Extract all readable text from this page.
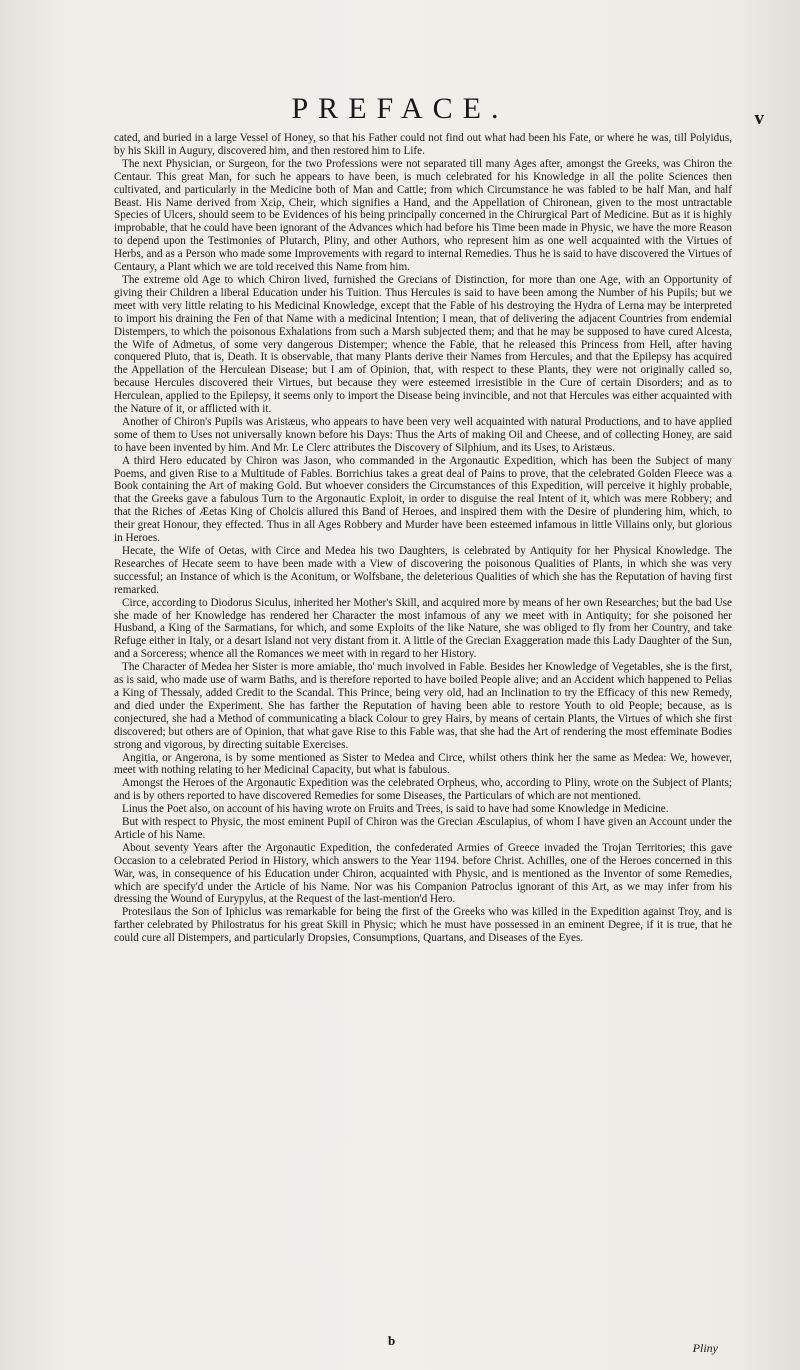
PREFACE.	v

cated, and buried in a large Vessel of Honey, so that his Father could not find out what had been his Fate, or where he was, till Polyidus, by his Skill in Augury, discovered him, and then restored him to Life.

The next Physician, or Surgeon, for the two Professions were not separated till many Ages after, amongst the Greeks, was Chiron the Centaur. This great Man, for such he appears to have been, is much celebrated for his Knowledge in all the polite Sciences then cultivated, and particularly in the Medicine both of Man and Cattle; from which Circumstance he was fabled to be half Man, and half Beast. His Name derived from Χεὶρ, Cheir, which signifies a Hand, and the Appellation of Chironean, given to the most untractable Species of Ulcers, should seem to be Evidences of his being principally concerned in the Chirurgical Part of Medicine. But as it is highly improbable, that he could have been ignorant of the Advances which had before his Time been made in Physic, we have the more Reason to depend upon the Testimonies of Plutarch, Pliny, and other Authors, who represent him as one well acquainted with the Virtues of Herbs, and as a Person who made some Improvements with regard to internal Remedies. Thus he is said to have discovered the Virtues of Centaury, a Plant which we are told received this Name from him.

The extreme old Age to which Chiron lived, furnished the Grecians of Distinction, for more than one Age, with an Opportunity of giving their Children a liberal Education under his Tuition. Thus Hercules is said to have been among the Number of his Pupils; but we meet with very little relating to his Medicinal Knowledge, except that the Fable of his destroying the Hydra of Lerna may be interpreted to import his draining the Fen of that Name with a medicinal Intention; I mean, that of delivering the adjacent Countries from endemial Distempers, to which the poisonous Exhalations from such a Marsh subjected them; and that he may be supposed to have cured Alcesta, the Wife of Admetus, of some very dangerous Distemper; whence the Fable, that he released this Princess from Hell, after having conquered Pluto, that is, Death. It is observable, that many Plants derive their Names from Hercules, and that the Epilepsy has acquired the Appellation of the Herculean Disease; but I am of Opinion, that, with respect to these Plants, they were not originally called so, because Hercules discovered their Virtues, but because they were esteemed irresistible in the Cure of certain Disorders; and as to Herculean, applied to the Epilepsy, it seems only to import the Disease being invincible, and not that Hercules was either acquainted with the Nature of it, or afflicted with it.

Another of Chiron's Pupils was Aristæus, who appears to have been very well acquainted with natural Productions, and to have applied some of them to Uses not universally known before his Days: Thus the Arts of making Oil and Cheese, and of collecting Honey, are said to have been invented by him. And Mr. Le Clerc attributes the Discovery of Silphium, and its Uses, to Aristæus.

A third Hero educated by Chiron was Jason, who commanded in the Argonautic Expedition, which has been the Subject of many Poems, and given Rise to a Multitude of Fables. Borrichius takes a great deal of Pains to prove, that the celebrated Golden Fleece was a Book containing the Art of making Gold. But whoever considers the Circumstances of this Expedition, will perceive it highly probable, that the Greeks gave a fabulous Turn to the Argonautic Exploit, in order to disguise the real Intent of it, which was mere Robbery; and that the Riches of Æetas King of Cholcis allured this Band of Heroes, and inspired them with the Desire of plundering him, which, to their great Honour, they effected. Thus in all Ages Robbery and Murder have been esteemed infamous in little Villains only, but glorious in Heroes.

Hecate, the Wife of Oetas, with Circe and Medea his two Daughters, is celebrated by Antiquity for her Physical Knowledge. The Researches of Hecate seem to have been made with a View of discovering the poisonous Qualities of Plants, in which she was very successful; an Instance of which is the Aconitum, or Wolfsbane, the deleterious Qualities of which she has the Reputation of having first remarked.

Circe, according to Diodorus Siculus, inherited her Mother's Skill, and acquired more by means of her own Researches; but the bad Use she made of her Knowledge has rendered her Character the most infamous of any we meet with in Antiquity; for she poisoned her Husband, a King of the Sarmatians, for which, and some Exploits of the like Nature, she was obliged to fly from her Country, and take Refuge either in Italy, or a desart Island not very distant from it. A little of the Grecian Exaggeration made this Lady Daughter of the Sun, and a Sorceress; whence all the Romances we meet with in regard to her History.

The Character of Medea her Sister is more amiable, tho' much involved in Fable. Besides her Knowledge of Vegetables, she is the first, as is said, who made use of warm Baths, and is therefore reported to have boiled People alive; and an Accident which happened to Pelias a King of Thessaly, added Credit to the Scandal. This Prince, being very old, had an Inclination to try the Efficacy of this new Remedy, and died under the Experiment. She has farther the Reputation of having been able to restore Youth to old People; because, as is conjectured, she had a Method of communicating a black Colour to grey Hairs, by means of certain Plants, the Virtues of which she first discovered; but others are of Opinion, that what gave Rise to this Fable was, that she had the Art of rendering the most effeminate Bodies strong and vigorous, by directing suitable Exercises.

Angitia, or Angerona, is by some mentioned as Sister to Medea and Circe, whilst others think her the same as Medea: We, however, meet with nothing relating to her Medicinal Capacity, but what is fabulous.

Amongst the Heroes of the Argonautic Expedition was the celebrated Orpheus, who, according to Pliny, wrote on the Subject of Plants; and is by others reported to have discovered Remedies for some Diseases, the Particulars of which are not mentioned.

Linus the Poet also, on account of his having wrote on Fruits and Trees, is said to have had some Knowledge in Medicine.

But with respect to Physic, the most eminent Pupil of Chiron was the Grecian Æsculapius, of whom I have given an Account under the Article of his Name.

About seventy Years after the Argonautic Expedition, the confederated Armies of Greece invaded the Trojan Territories; this gave Occasion to a celebrated Period in History, which answers to the Year 1194. before Christ. Achilles, one of the Heroes concerned in this War, was, in consequence of his Education under Chiron, acquainted with Physic, and is mentioned as the Inventor of some Remedies, which are specify'd under the Article of his Name. Nor was his Companion Patroclus ignorant of this Art, as we may infer from his dressing the Wound of Eurypylus, at the Request of the last-mention'd Hero.

Protesilaus the Son of Iphiclus was remarkable for being the first of the Greeks who was killed in the Expedition against Troy, and is farther celebrated by Philostratus for his great Skill in Physic; which he must have possessed in an eminent Degree, if it is true, that he could cure all Distempers, and particularly Dropsies, Consumptions, Quartans, and Diseases of the Eyes.

b	Pliny
